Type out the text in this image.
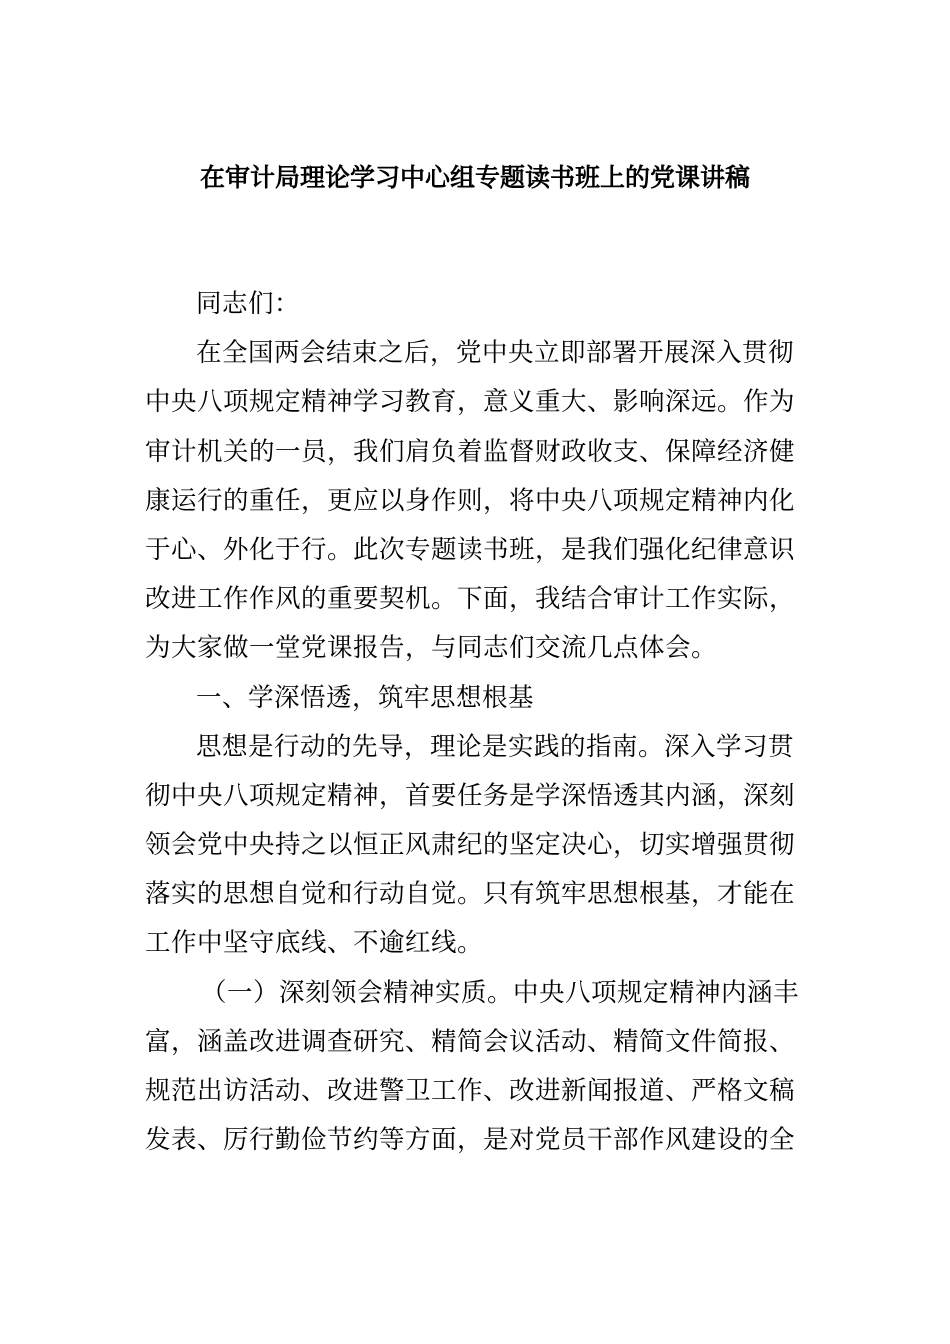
在审计局理论学习中心组专题读书班上的党课讲稿
同志们：
在全国两会结束之后，党中央立即部署开展深入贯彻
中央八项规定精神学习教育，意义重大、影响深远。作为
审计机关的一员，我们肩负着监督财政收支、保障经济健
康运行的重任，更应以身作则，将中央八项规定精神内化
于心、外化于行。此次专题读书班，是我们强化纪律意识
改进工作作风的重要契机。下面，我结合审计工作实际，
为大家做一堂党课报告，与同志们交流几点体会。
一、学深悟透，筑牢思想根基
思想是行动的先导，理论是实践的指南。深入学习贯
彻中央八项规定精神，首要任务是学深悟透其内涵，深刻
领会党中央持之以恒正风肃纪的坚定决心，切实增强贯彻
落实的思想自觉和行动自觉。只有筑牢思想根基，才能在
工作中坚守底线、不逾红线。
（一）深刻领会精神实质。中央八项规定精神内涵丰
富，涵盖改进调查研究、精简会议活动、精简文件简报、
规范出访活动、改进警卫工作、改进新闻报道、严格文稿
发表、厉行勤俭节约等方面，是对党员干部作风建设的全
